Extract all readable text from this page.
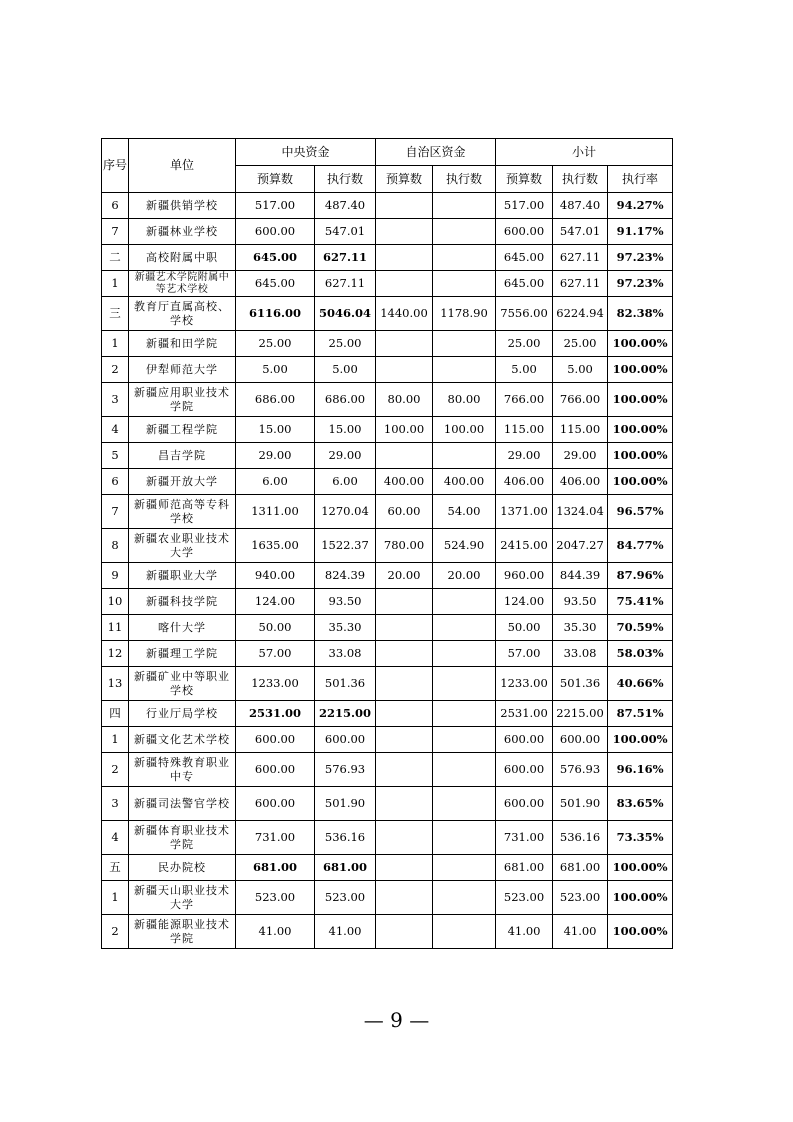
序号	单位	中央资金		自治区资金		小计		
		预算数	执行数	预算数	执行数	预算数	执行数	执行率
6	新疆供销学校	517.00	487.40			517.00	487.40	94.27%
7	新疆林业学校	600.00	547.01			600.00	547.01	91.17%
二	高校附属中职	645.00	627.11			645.00	627.11	97.23%
1	新疆艺术学院附属中等艺术学校	645.00	627.11			645.00	627.11	97.23%
三	教育厅直属高校、学校	6116.00	5046.04	1440.00	1178.90	7556.00	6224.94	82.38%
1	新疆和田学院	25.00	25.00			25.00	25.00	100.00%
2	伊犁师范大学	5.00	5.00			5.00	5.00	100.00%
3	新疆应用职业技术学院	686.00	686.00	80.00	80.00	766.00	766.00	100.00%
4	新疆工程学院	15.00	15.00	100.00	100.00	115.00	115.00	100.00%
5	昌吉学院	29.00	29.00			29.00	29.00	100.00%
6	新疆开放大学	6.00	6.00	400.00	400.00	406.00	406.00	100.00%
7	新疆师范高等专科学校	1311.00	1270.04	60.00	54.00	1371.00	1324.04	96.57%
8	新疆农业职业技术大学	1635.00	1522.37	780.00	524.90	2415.00	2047.27	84.77%
9	新疆职业大学	940.00	824.39	20.00	20.00	960.00	844.39	87.96%
10	新疆科技学院	124.00	93.50			124.00	93.50	75.41%
11	喀什大学	50.00	35.30			50.00	35.30	70.59%
12	新疆理工学院	57.00	33.08			57.00	33.08	58.03%
13	新疆矿业中等职业学校	1233.00	501.36			1233.00	501.36	40.66%
四	行业厅局学校	2531.00	2215.00			2531.00	2215.00	87.51%
1	新疆文化艺术学校	600.00	600.00			600.00	600.00	100.00%
2	新疆特殊教育职业中专	600.00	576.93			600.00	576.93	96.16%
3	新疆司法警官学校	600.00	501.90			600.00	501.90	83.65%
4	新疆体育职业技术学院	731.00	536.16			731.00	536.16	73.35%
五	民办院校	681.00	681.00			681.00	681.00	100.00%
1	新疆天山职业技术大学	523.00	523.00			523.00	523.00	100.00%
2	新疆能源职业技术学院	41.00	41.00			41.00	41.00	100.00%
— 9 —
